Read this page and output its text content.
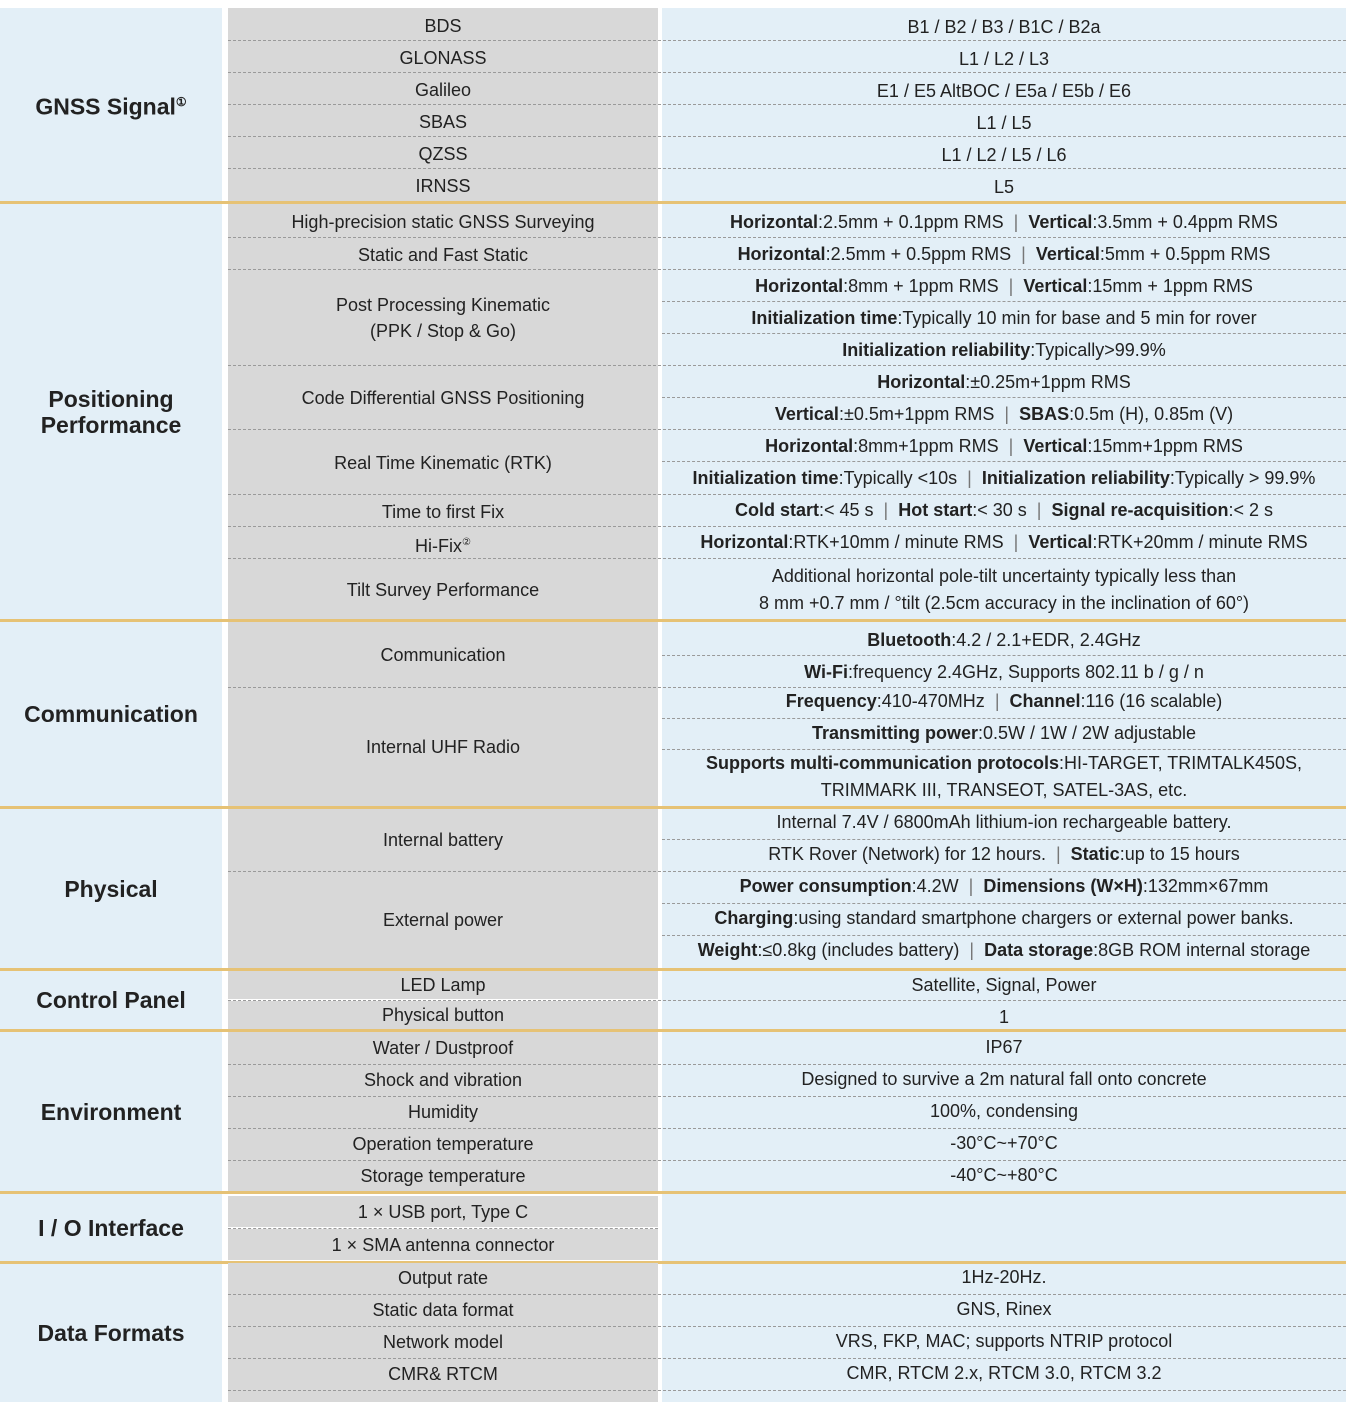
GNSS Signal①
BDS
GLONASS
Galileo
SBAS
QZSS
IRNSS
B1 / B2 / B3 / B1C / B2a
L1 / L2 / L3
E1 / E5 AltBOC / E5a / E5b / E6
L1 / L5
L1 / L2 / L5 / L6
L5
Positioning
Performance
High-precision static GNSS Surveying
Static and Fast Static
Post Processing Kinematic
(PPK / Stop & Go)
Code Differential GNSS Positioning
Real Time Kinematic (RTK)
Time to first Fix
Hi-Fix②
Tilt Survey Performance
Horizontal:2.5mm + 0.1ppm RMS | Vertical:3.5mm + 0.4ppm RMS
Horizontal:2.5mm + 0.5ppm RMS | Vertical:5mm + 0.5ppm RMS
Horizontal:8mm + 1ppm RMS | Vertical:15mm + 1ppm RMS
Initialization time:Typically 10 min for base and 5 min for rover
Initialization reliability:Typically>99.9%
Horizontal:±0.25m+1ppm RMS
Vertical:±0.5m+1ppm RMS | SBAS:0.5m (H), 0.85m (V)
Horizontal:8mm+1ppm RMS | Vertical:15mm+1ppm RMS
Initialization time:Typically <10s | Initialization reliability:Typically > 99.9%
Cold start:< 45 s | Hot start:< 30 s | Signal re-acquisition:< 2 s
Horizontal:RTK+10mm / minute RMS | Vertical:RTK+20mm / minute RMS
Additional horizontal pole-tilt uncertainty typically less than
8 mm +0.7 mm / °tilt (2.5cm accuracy in the inclination of 60°)
Communication
Communication
Internal UHF Radio
Bluetooth:4.2 / 2.1+EDR, 2.4GHz
Wi-Fi:frequency 2.4GHz, Supports 802.11 b / g / n
Frequency:410-470MHz | Channel:116 (16 scalable)
Transmitting power:0.5W / 1W / 2W adjustable
Supports multi-communication protocols:HI-TARGET, TRIMTALK450S,
TRIMMARK III, TRANSEOT, SATEL-3AS, etc.
Physical
Internal battery
External power
Internal 7.4V / 6800mAh lithium-ion rechargeable battery.
RTK Rover (Network) for 12 hours. | Static:up to 15 hours
Power consumption:4.2W | Dimensions (W×H):132mm×67mm
Charging:using standard smartphone chargers or external power banks.
Weight:≤0.8kg (includes battery) | Data storage:8GB ROM internal storage
Control Panel
LED Lamp
Physical button
Satellite, Signal, Power
1
Environment
Water / Dustproof
Shock and vibration
Humidity
Operation temperature
Storage temperature
IP67
Designed to survive a 2m natural fall onto concrete
100%, condensing
-30°C~+70°C
-40°C~+80°C
I / O Interface
1 × USB port, Type C
1 × SMA antenna connector
Data Formats
Output rate
Static data format
Network model
CMR& RTCM
1Hz-20Hz.
GNS, Rinex
VRS, FKP, MAC; supports NTRIP protocol
CMR, RTCM 2.x, RTCM 3.0, RTCM 3.2
